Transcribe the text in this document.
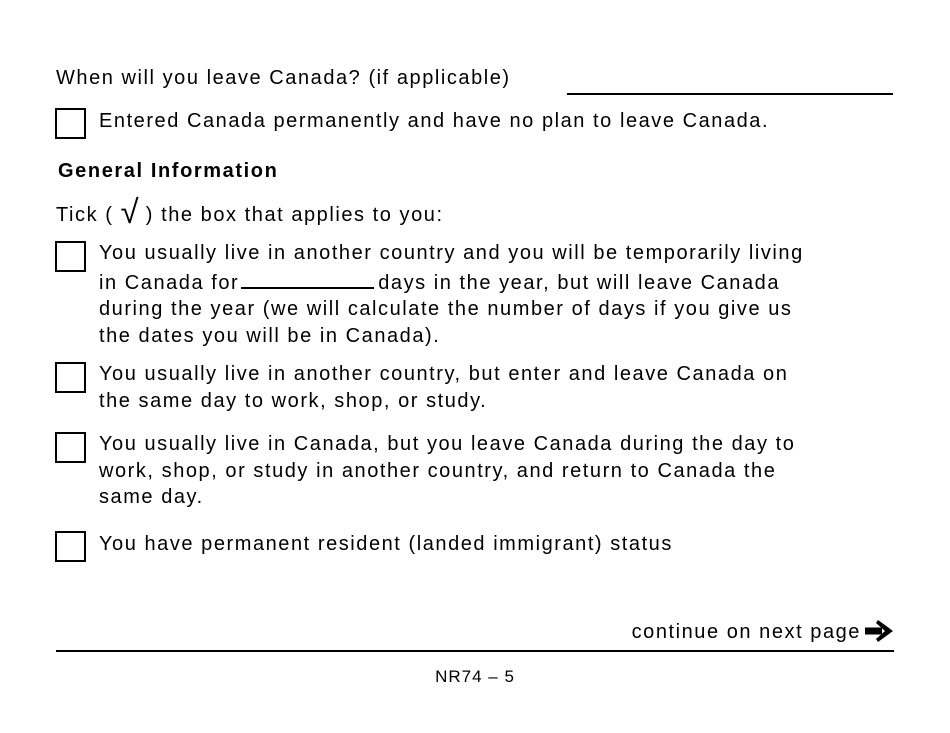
When will you leave Canada? (if applicable)
Entered Canada permanently and have no plan to leave Canada.
General Information
Tick ( √ ) the box that applies to you:
You usually live in another country and you will be temporarily living
in Canada for	days in the year, but will leave Canada
during the year (we will calculate the number of days if you give us
the dates you will be in Canada).
You usually live in another country, but enter and leave Canada on
the same day to work, shop, or study.
You usually live in Canada, but you leave Canada during the day to
work, shop, or study in another country, and return to Canada the
same day.
You have permanent resident (landed immigrant) status
continue on next page
NR74 – 5
